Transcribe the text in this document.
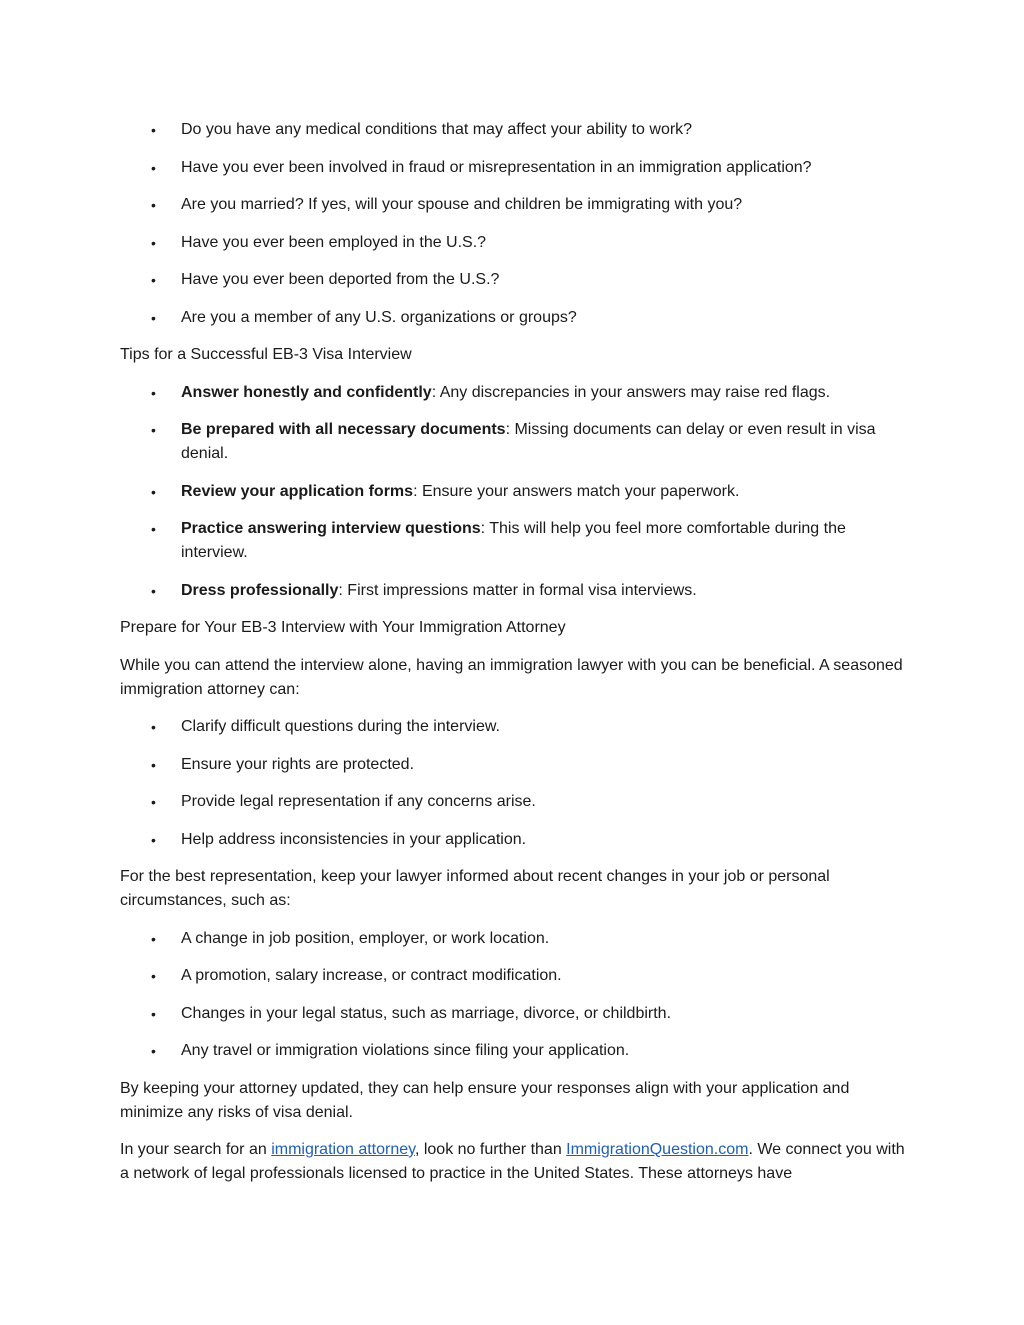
• Do you have any medical conditions that may affect your ability to work?
• Have you ever been involved in fraud or misrepresentation in an immigration application?
• Are you married? If yes, will your spouse and children be immigrating with you?
• Have you ever been employed in the U.S.?
• Have you ever been deported from the U.S.?
• Are you a member of any U.S. organizations or groups?

Tips for a Successful EB-3 Visa Interview

• Answer honestly and confidently: Any discrepancies in your answers may raise red flags.
• Be prepared with all necessary documents: Missing documents can delay or even result in visa denial.
• Review your application forms: Ensure your answers match your paperwork.
• Practice answering interview questions: This will help you feel more comfortable during the interview.
• Dress professionally: First impressions matter in formal visa interviews.

Prepare for Your EB-3 Interview with Your Immigration Attorney

While you can attend the interview alone, having an immigration lawyer with you can be beneficial. A seasoned immigration attorney can:

• Clarify difficult questions during the interview.
• Ensure your rights are protected.
• Provide legal representation if any concerns arise.
• Help address inconsistencies in your application.

For the best representation, keep your lawyer informed about recent changes in your job or personal circumstances, such as:

• A change in job position, employer, or work location.
• A promotion, salary increase, or contract modification.
• Changes in your legal status, such as marriage, divorce, or childbirth.
• Any travel or immigration violations since filing your application.

By keeping your attorney updated, they can help ensure your responses align with your application and minimize any risks of visa denial.

In your search for an immigration attorney, look no further than ImmigrationQuestion.com. We connect you with a network of legal professionals licensed to practice in the United States. These attorneys have
